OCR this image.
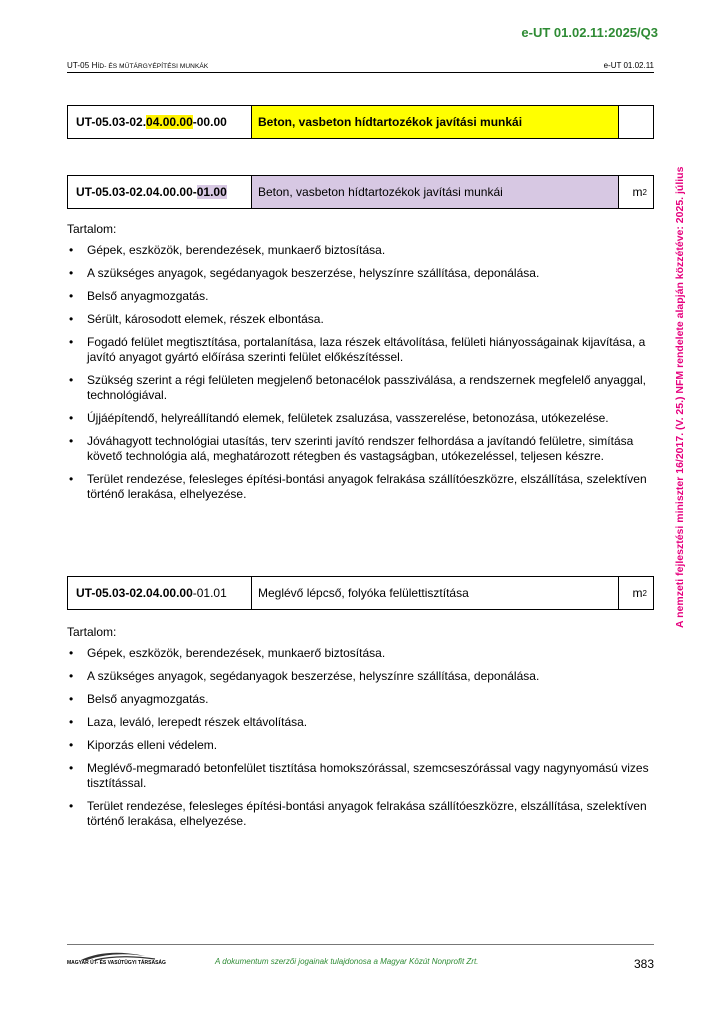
e-UT 01.02.11:2025/Q3
UT-05 HÍD- ÉS MŰTÁRGYÉPÍTÉSI MUNKÁK	e-UT 01.02.11
A nemzeti fejlesztési miniszter 16/2017. (V. 25.) NFM rendelete alapján közzétéve: 2025. július
UT-05.03-02. 04.00.00 -00.00	Beton, vasbeton hídtartozékok javítási munkái
UT-05.03-02.04.00.00- 01.00	Beton, vasbeton hídtartozékok javítási munkái	m 2

Tartalom:

• Gépek, eszközök, berendezések, munkaerő biztosítása.
• A szükséges anyagok, segédanyagok beszerzése, helyszínre szállítása, deponálása.
• Belső anyagmozgatás.
• Sérült, károsodott elemek, részek elbontása.
• Fogadó felület megtisztítása, portalanítása, laza részek eltávolítása, felületi hiányosságainak kijavítása, a javító anyagot gyártó előírása szerinti felület előkészítéssel.
• Szükség szerint a régi felületen megjelenő betonacélok passziválása, a rendszernek megfelelő anyaggal, technológiával.
• Újjáépítendő, helyreállítandó elemek, felületek zsaluzása, vasszerelése, betonozása, utókezelése.
• Jóváhagyott technológiai utasítás, terv szerinti javító rendszer felhordása a javítandó felületre, simítása követő technológia alá, meghatározott rétegben és vastagságban, utókezeléssel, teljesen készre.
• Terület rendezése, felesleges építési-bontási anyagok felrakása szállítóeszközre, elszállítása, szelektíven történő lerakása, elhelyezése.
UT-05.03-02.04.00.00 -01.01	Meglévő lépcső, folyóka felülettisztítása	m 2

Tartalom:

• Gépek, eszközök, berendezések, munkaerő biztosítása.
• A szükséges anyagok, segédanyagok beszerzése, helyszínre szállítása, deponálása.
• Belső anyagmozgatás.
• Laza, leváló, lerepedt részek eltávolítása.
• Kiporzás elleni védelem.
• Meglévő-megmaradó betonfelület tisztítása homokszórással, szemcseszórással vagy nagynyomású vizes tisztítással.
• Terület rendezése, felesleges építési-bontási anyagok felrakása szállítóeszközre, elszállítása, szelektíven történő lerakása, elhelyezése.
MAGYAR ÚT- ÉS VASÚTÜGYI TÁRSASÁG	A dokumentum szerzői jogainak tulajdonosa a Magyar Közút Nonprofit Zrt.	383
